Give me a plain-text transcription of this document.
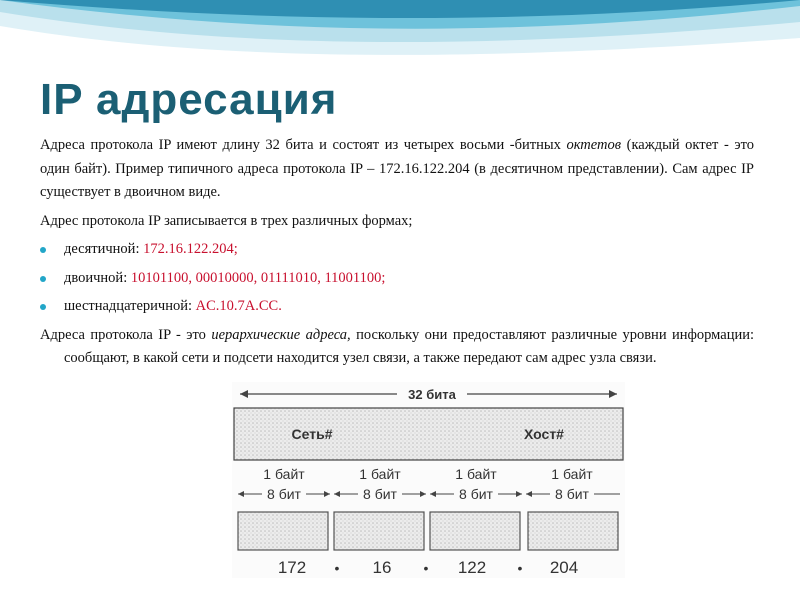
IP адресация

Адреса протокола IP имеют длину 32 бита и состоят из четырех восьми -битных октетов (каждый октет - это один байт). Пример типичного адреса протокола IP – 172.16.122.204 (в десятичном представлении). Сам адрес IP существует в двоичном виде.

Адрес протокола IP записывается в трех различных формах;

десятичной: 172.16.122.204;

двоичной: 10101100, 00010000, 01111010, 11001100;

шестнадцатеричной: AC.10.7A.CC.

Адреса протокола IP - это иерархические адреса, поскольку они предоставляют различные уровни информации: сообщают, в какой сети и подсети находится узел связи, а также передают сам адрес узла связи.

32 бита
Сеть#	Хост#
1 байт	1 байт	1 байт	1 байт
8 бит	8 бит	8 бит	8 бит
172 • 16 • 122 • 204
